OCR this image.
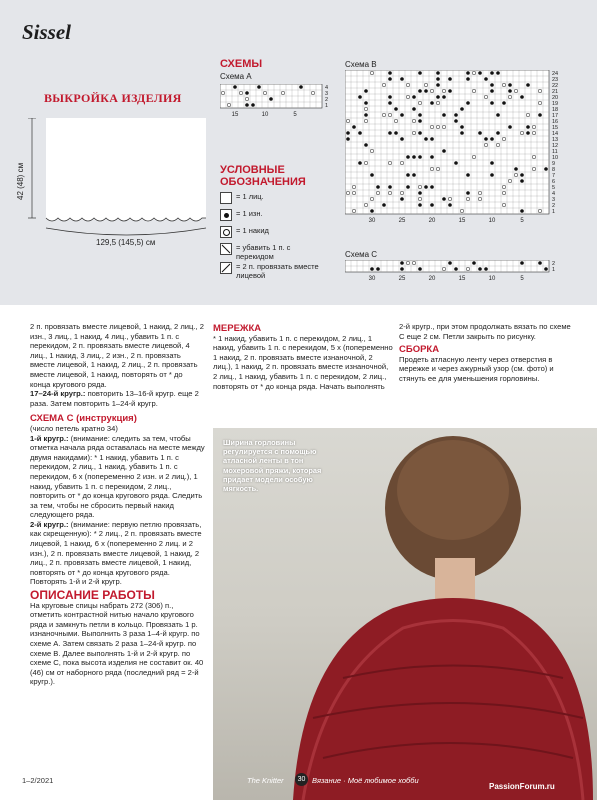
Sissel
ВЫКРОЙКА ИЗДЕЛИЯ
42 (48) см
129,5 (145,5) см
СХЕМЫ
Схема A
Схема B
Схема C
5
10
15
4
3
2
1
5
10
15
20
25
30
24
23
22
21
20
19
18
17
16
15
14
13
12
11
10
9
8
7
6
5
4
3
2
1
5
10
15
20
25
30
2
1
УСЛОВНЫЕ
ОБОЗНАЧЕНИЯ
= 1 лиц.
= 1 изн.
= 1 накид
= убавить 1 п. с перекидом
= 2 п. провязать вместе лицевой

2 п. провязать вместе лицевой, 1 накид, 2 лиц., 2 изн., 3 лиц., 1 накид, 4 лиц., убавить 1 п. с перекидом, 2 п. провязать вместе лицевой, 4 лиц., 1 накид, 3 лиц., 2 изн., 2 п. провязать вместе лицевой, 1 накид, 2 лиц., 2 п. провязать вместе лицевой, 1 накид, повторять от * до конца кругового ряда.

17–24-й кругр.: повторить 13–16-й кругр. еще 2 раза. Затем повторить 1–24-й кругр.

СХЕМА C (инструкция)

(число петель кратно 34)

1-й кругр.: (внимание: следить за тем, чтобы отметка начала ряда оставалась на месте между двумя накидами): * 1 накид, убавить 1 п. с перекидом, 2 лиц., 1 накид, убавить 1 п. с перекидом, 6 х (попеременно 2 изн. и 2 лиц.), 1 накид, убавить 1 п. с перекидом, 2 лиц., повторить от * до конца кругового ряда. Следить за тем, чтобы не сбросить первый накид следующего ряда.

2-й кругр.: (внимание: первую петлю провязать, как скрещенную): * 2 лиц., 2 п. провязать вместе лицевой, 1 накид, 6 х (попеременно 2 лиц. и 2 изн.), 2 п. провязать вместе лицевой, 1 накид, 2 лиц., 2 п. провязать вместе лицевой, 1 накид, повторять от * до конца кругового ряда. Повторять 1-й и 2-й кругр.

ОПИСАНИЕ РАБОТЫ

На круговые спицы набрать 272 (306) п., отметить контрастной нитью начало кругового ряда и замкнуть петли в кольцо. Провязать 1 р. изнаночными. Выполнить 3 раза 1–4-й кругр. по схеме A. Затем связать 2 раза 1–24-й кругр. по схеме B. Далее выполнять 1-й и 2-й кругр. по схеме C, пока высота изделия не составит ок. 40 (46) см от наборного ряда (последний ряд = 2-й кругр.).

МЕРЕЖКА

* 1 накид, убавить 1 п. с перекидом, 2 лиц., 1 накид, убавить 1 п. с перекидом, 5 х (попеременно 1 накид, 2 п. провязать вместе изнаночной, 2 лиц.), 1 накид, 2 п. провязать вместе изнаночной, 2 лиц., 1 накид, убавить 1 п. с перекидом, 2 лиц., повторять от * до конца ряда. Начать выполнять

2-й кругр., при этом продолжать вязать по схеме C еще 2 см. Петли закрыть по рисунку.

СБОРКА

Продеть атласную ленту через отверстия в мережке и через ажурный узор (см. фото) и стянуть ее для уменьшения горловины.

Ширина горловины регулируется с помощью атласной ленты в тон мохеровой пряжи, которая придает модели особую мягкость.
1–2/2021	The Knitter	30 Вязание · Моё любимое хобби
PassionForum.ru
